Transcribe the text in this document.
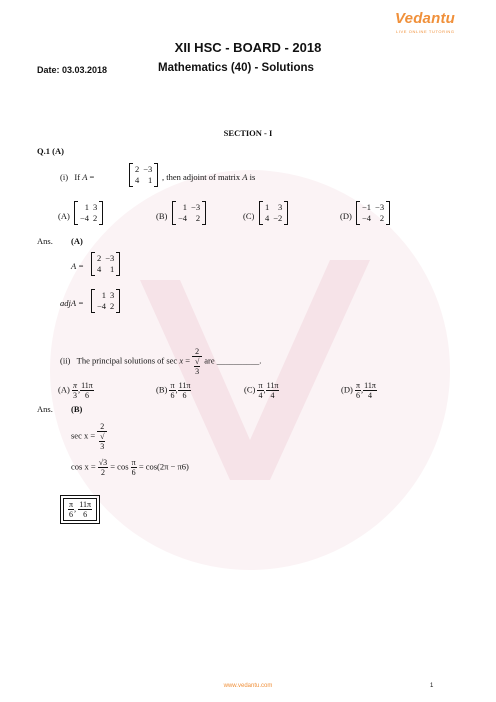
Vedantu
LIVE ONLINE TUTORING
XII HSC - BOARD - 2018
Date: 03.03.2018	Mathematics (40) - Solutions
SECTION - I
Q.1 (A)
(i) If A =
2	−3
4	1 , then adjoint of matrix A is
(A)
1	3
−4	2	(B)
1	−3
−4	2	(C)
1	3
4	−2	(D)
−1	−3
−4	2
Ans. (A)
A =
2	−3
4	1
adjA =
1	3
−4	2
(ii) The principal solutions of sec x = 2
√
3 are __________.
$(A) \frac{\pi}{3}$ , $\frac{11\pi}{6}$	$(B) \frac{\pi}{6}$ , $\frac{11\pi}{6}$	$(C) \frac{\pi}{4}$ , $\frac{11\pi}{4}$	$(D) \frac{\pi}{6}$ , $\frac{11\pi}{4}$
Ans. (B)
sec x = 2
√
3
$\cos x = \frac{√3}{2} = \cos \frac{\pi}{6} = \cos(2\pi - \pi 6)$
$\frac{\pi}{6}$ , $\frac{11\pi}{6}$
www.vedantu.com	1
